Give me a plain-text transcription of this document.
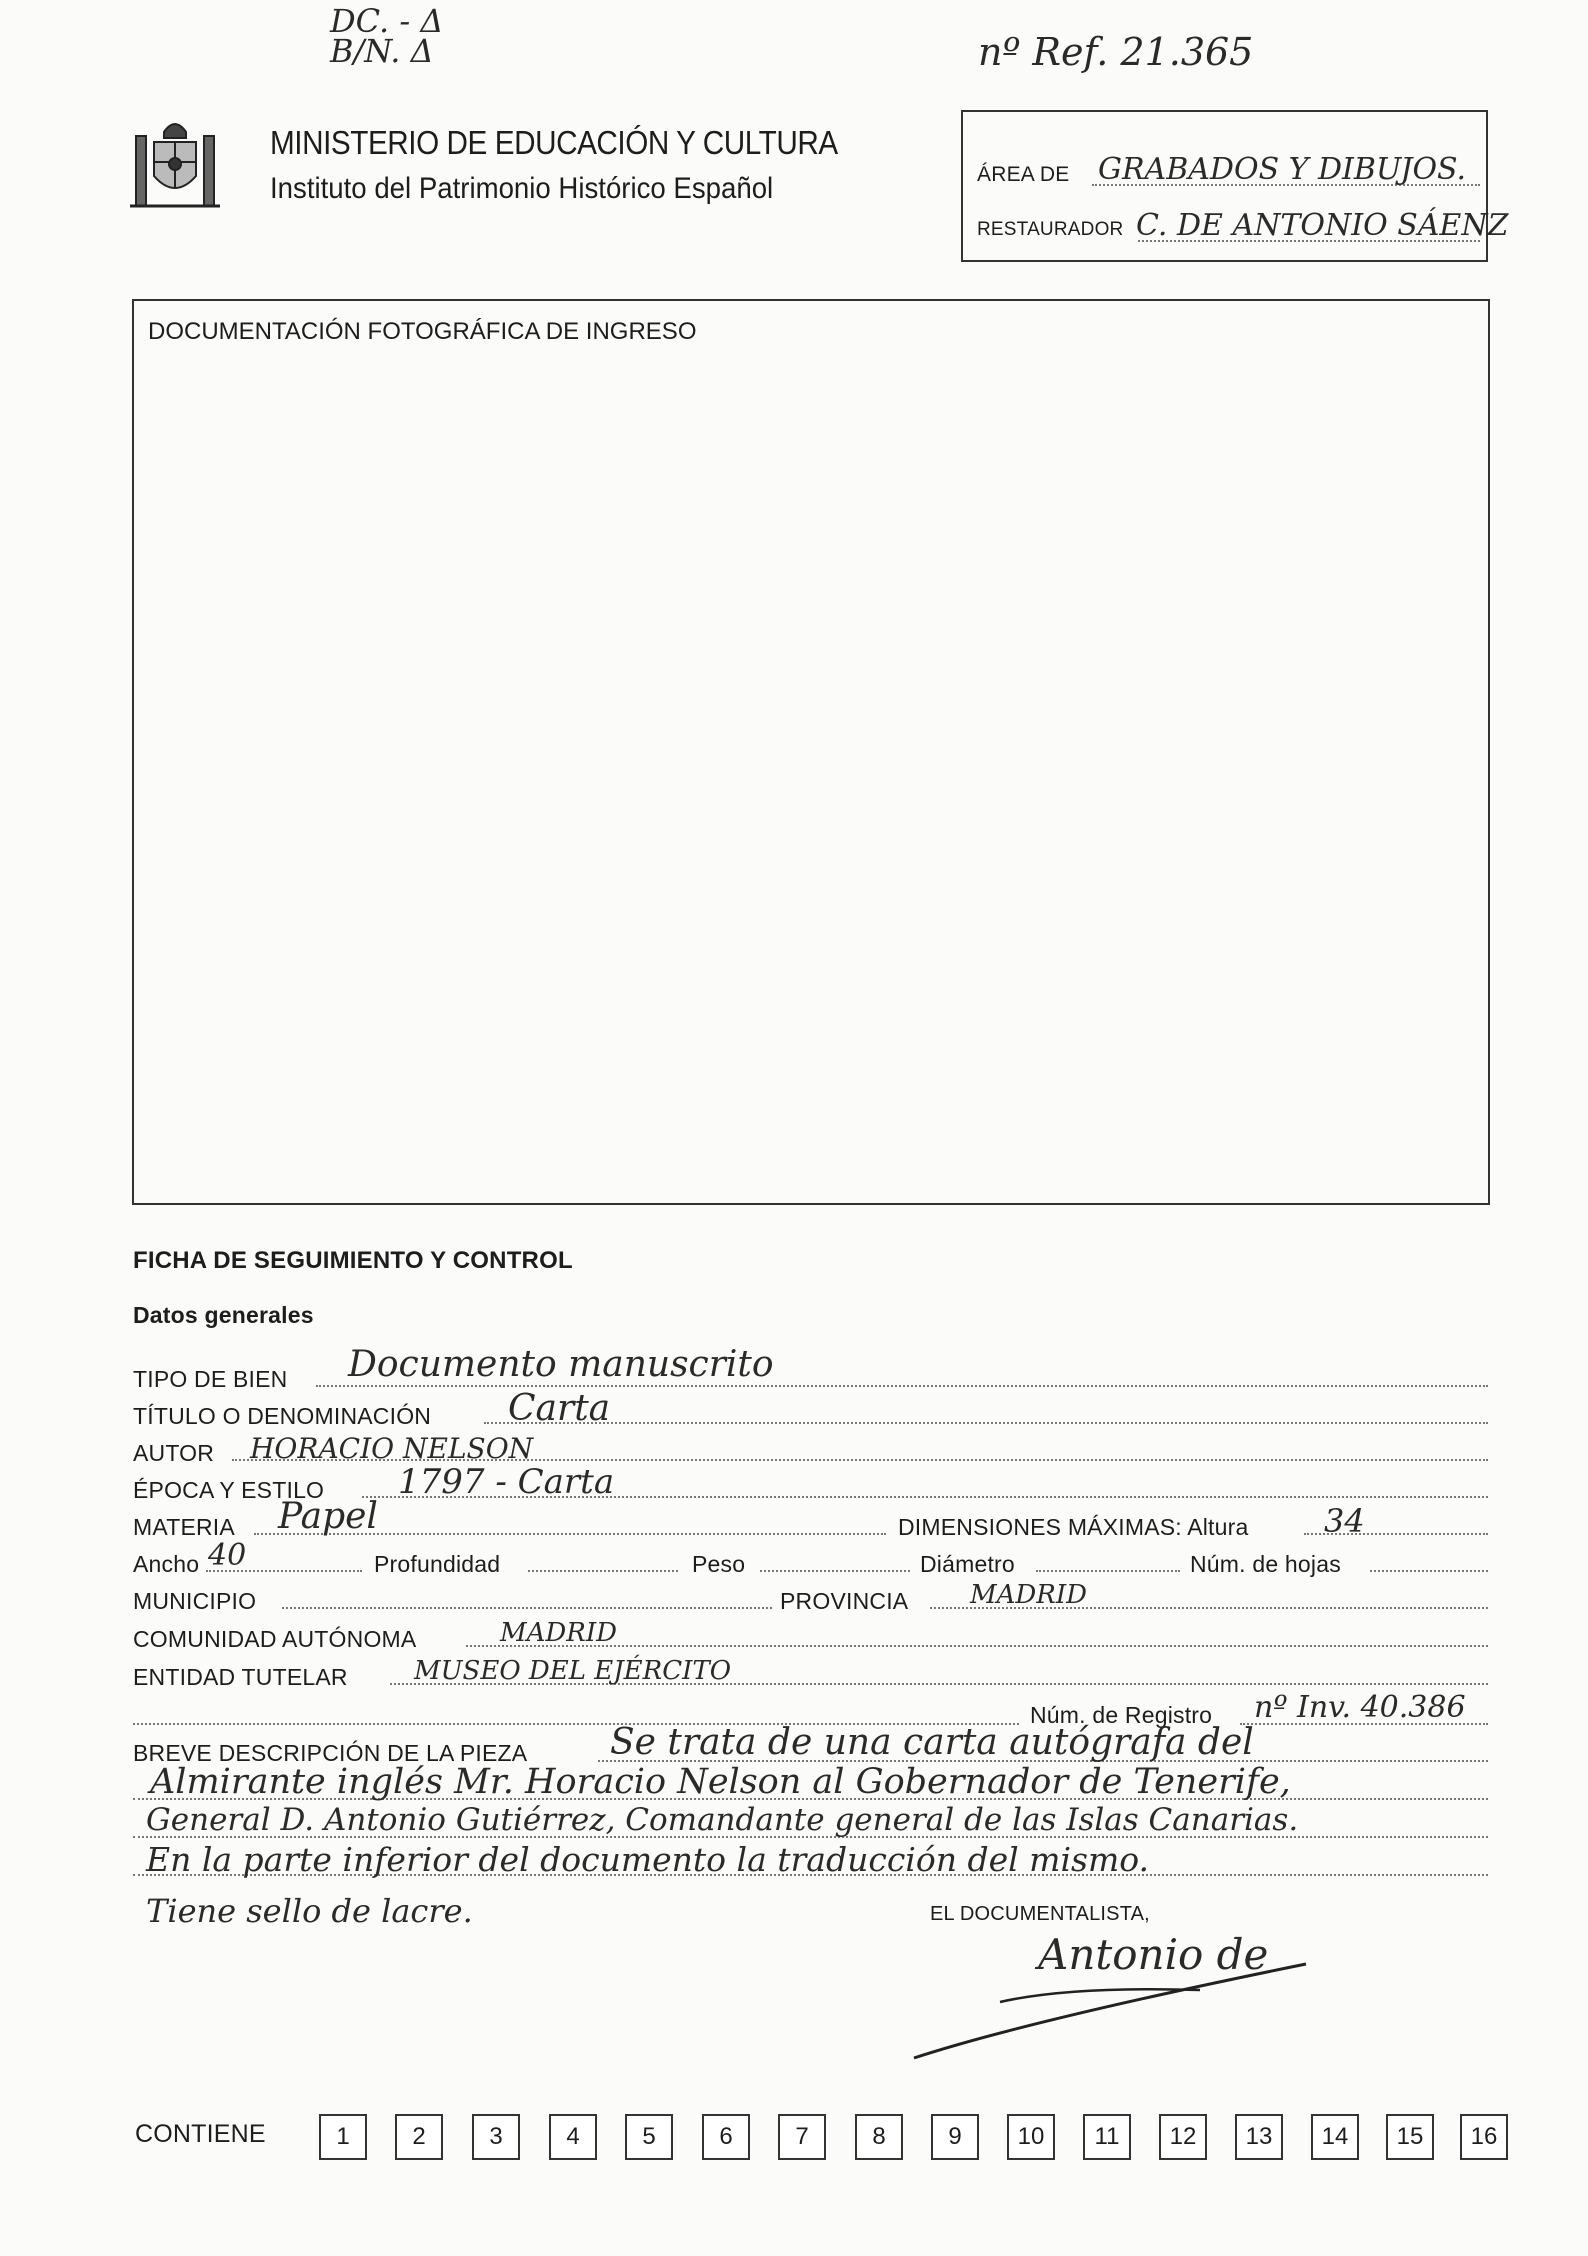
DC. - Δ
B/N. Δ	nº Ref. 21.365
MINISTERIO DE EDUCACIÓN Y CULTURA
Instituto del Patrimonio Histórico Español	ÁREA DE GRABADOS Y DIBUJOS.
RESTAURADOR C. DE ANTONIO SÁENZ
DOCUMENTACIÓN FOTOGRÁFICA DE INGRESO
FICHA DE SEGUIMIENTO Y CONTROL
Datos generales
TIPO DE BIEN Documento manuscrito
TÍTULO O DENOMINACIÓN Carta
AUTOR HORACIO NELSON
ÉPOCA Y ESTILO 1797 - Carta
MATERIA Papel	DIMENSIONES MÁXIMAS: Altura 34
Ancho 40	Profundidad	Peso	Diámetro	Núm. de hojas
MUNICIPIO	PROVINCIA MADRID
COMUNIDAD AUTÓNOMA	MADRID
ENTIDAD TUTELAR	MUSEO DEL EJÉRCITO
Núm. de Registro nº Inv. 40.386
BREVE DESCRIPCIÓN DE LA PIEZA Se trata de una carta autógrafa del
Almirante inglés Mr. Horacio Nelson al Gobernador de Tenerife,
General D. Antonio Gutiérrez, Comandante general de las Islas Canarias.
En la parte inferior del documento la traducción del mismo.
Tiene sello de lacre.	EL DOCUMENTALISTA,
Antonio de
CONTIENE	1	2	3	4	5	6	7	8	9	10	11	12	13	14	15	16
